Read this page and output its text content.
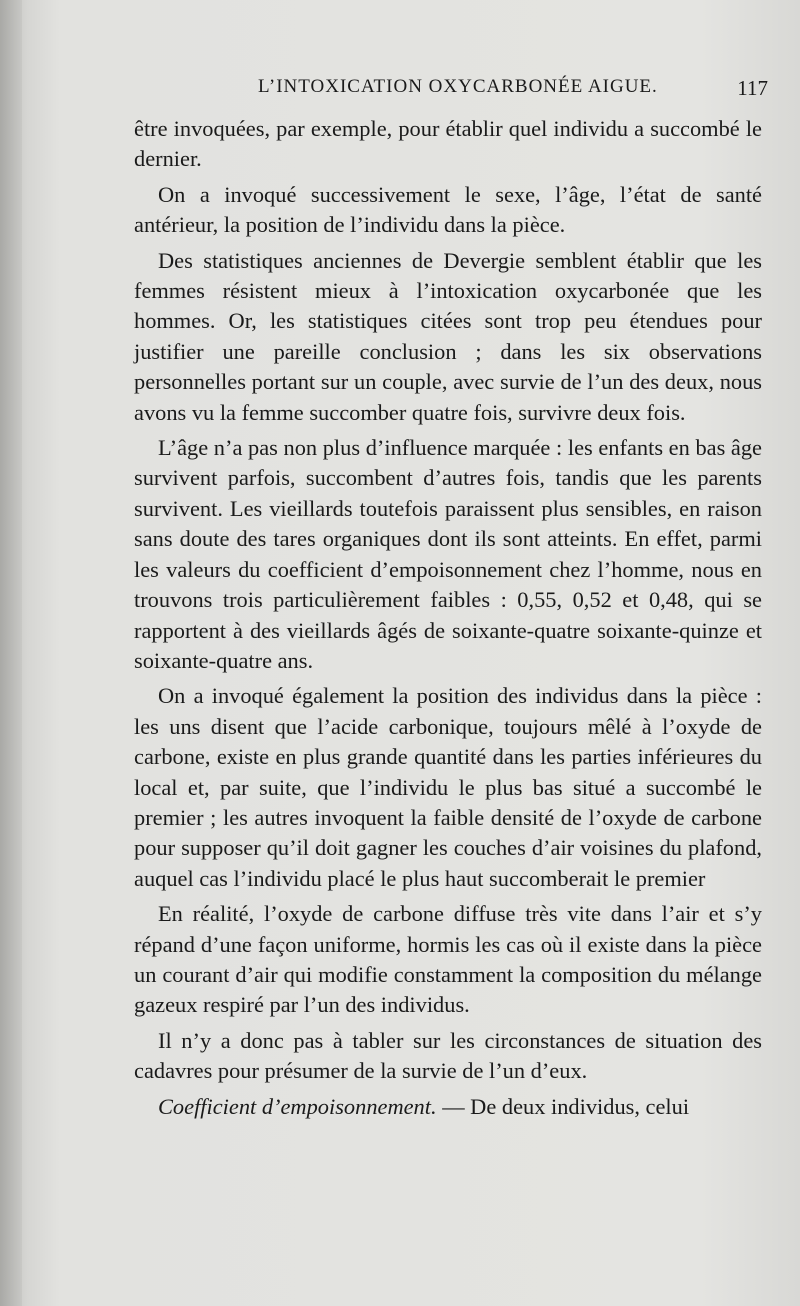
L’INTOXICATION OXYCARBONÉE AIGUE.	117

être invoquées, par exemple, pour établir quel individu a succombé le dernier.

On a invoqué successivement le sexe, l’âge, l’état de santé antérieur, la position de l’individu dans la pièce.

Des statistiques anciennes de Devergie semblent établir que les femmes résistent mieux à l’intoxication oxycarbonée que les hommes. Or, les statistiques citées sont trop peu étendues pour justifier une pareille conclusion ; dans les six observations personnelles portant sur un couple, avec survie de l’un des deux, nous avons vu la femme succomber quatre fois, survivre deux fois.

L’âge n’a pas non plus d’influence marquée : les enfants en bas âge survivent parfois, succombent d’autres fois, tandis que les parents survivent. Les vieillards toutefois paraissent plus sensibles, en raison sans doute des tares organiques dont ils sont atteints. En effet, parmi les valeurs du coefficient d’empoisonnement chez l’homme, nous en trouvons trois particulièrement faibles : 0,55, 0,52 et 0,48, qui se rapportent à des vieillards âgés de soixante-quatre soixante-quinze et soixante-quatre ans.

On a invoqué également la position des individus dans la pièce : les uns disent que l’acide carbonique, toujours mêlé à l’oxyde de carbone, existe en plus grande quantité dans les parties inférieures du local et, par suite, que l’individu le plus bas situé a succombé le premier ; les autres invoquent la faible densité de l’oxyde de carbone pour supposer qu’il doit gagner les couches d’air voisines du plafond, auquel cas l’individu placé le plus haut succomberait le premier

En réalité, l’oxyde de carbone diffuse très vite dans l’air et s’y répand d’une façon uniforme, hormis les cas où il existe dans la pièce un courant d’air qui modifie constamment la composition du mélange gazeux respiré par l’un des individus.

Il n’y a donc pas à tabler sur les circonstances de situation des cadavres pour présumer de la survie de l’un d’eux.

Coefficient d’empoisonnement. — De deux individus, celui
